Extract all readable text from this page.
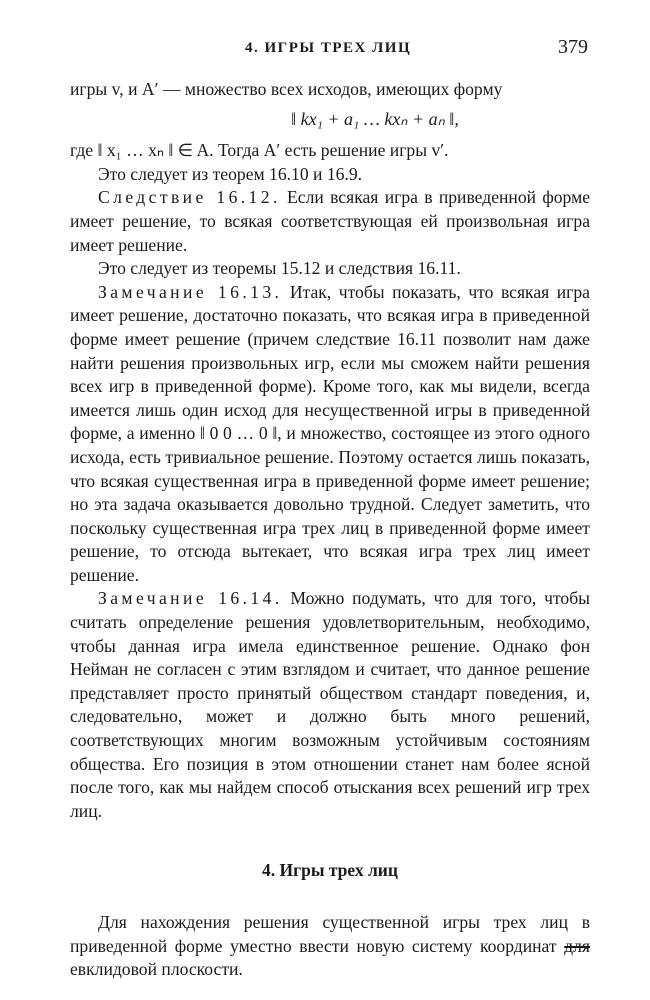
4. ИГРЫ ТРЕХ ЛИЦ	379

игры v, и A′ — множество всех исходов, имеющих форму

‖ kx₁ + a₁ … kxₙ + aₙ ‖,

где ‖ x₁ … xₙ ‖ ∈ A. Тогда A′ есть решение игры v′.

Это следует из теорем 16.10 и 16.9.

Следствие 16.12. Если всякая игра в приведенной форме имеет решение, то всякая соответствующая ей произвольная игра имеет решение.

Это следует из теоремы 15.12 и следствия 16.11.

Замечание 16.13. Итак, чтобы показать, что всякая игра имеет решение, достаточно показать, что всякая игра в приведенной форме имеет решение (причем следствие 16.11 позволит нам даже найти решения произвольных игр, если мы сможем найти решения всех игр в приведенной форме). Кроме того, как мы видели, всегда имеется лишь один исход для несущественной игры в приведенной форме, а именно ‖ 0 0 … 0 ‖, и множество, состоящее из этого одного исхода, есть тривиальное решение. Поэтому остается лишь показать, что всякая существенная игра в приведенной форме имеет решение; но эта задача оказывается довольно трудной. Следует заметить, что поскольку существенная игра трех лиц в приведенной форме имеет решение, то отсюда вытекает, что всякая игра трех лиц имеет решение.

Замечание 16.14. Можно подумать, что для того, чтобы считать определение решения удовлетворительным, необходимо, чтобы данная игра имела единственное решение. Однако фон Нейман не согласен с этим взглядом и считает, что данное решение представляет просто принятый обществом стандарт поведения, и, следовательно, может и должно быть много решений, соответствующих многим возможным устойчивым состояниям общества. Его позиция в этом отношении станет нам более ясной после того, как мы найдем способ отыскания всех решений игр трех лиц.

4. Игры трех лиц

Для нахождения решения существенной игры трех лиц в приведенной форме уместно ввести новую систему координат для евклидовой плоскости.
